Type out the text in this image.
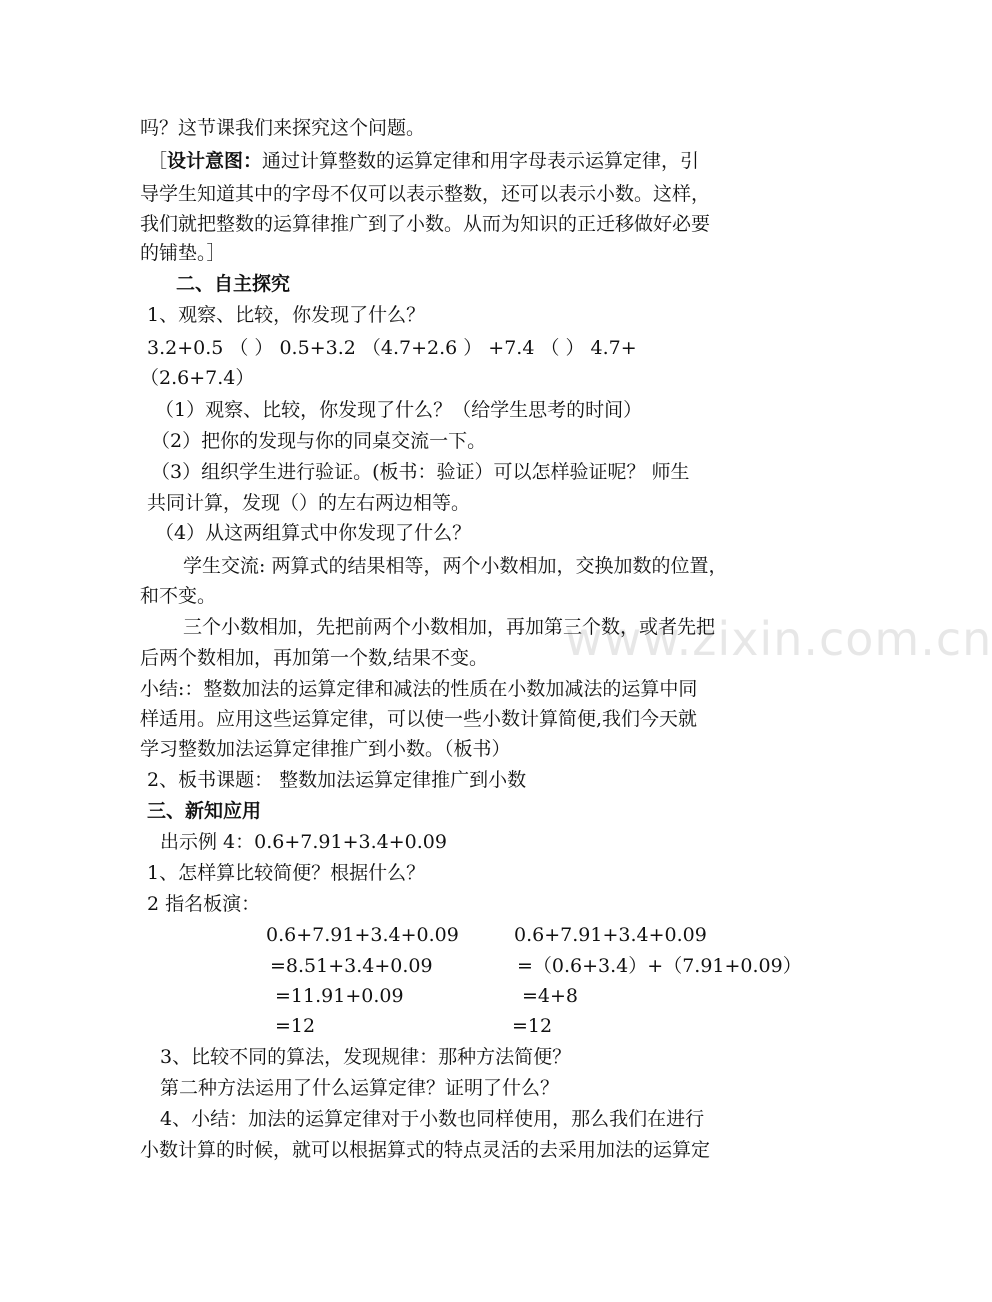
www.zixin.com.cn
吗？这节课我们来探究这个问题。
［设计意图：通过计算整数的运算定律和用字母表示运算定律，引
导学生知道其中的字母不仅可以表示整数，还可以表示小数。这样，
我们就把整数的运算律推广到了小数。从而为知识的正迁移做好必要
的铺垫。］
二、自主探究
1、观察、比较，你发现了什么？
3.2+0.5 （ ） 0.5+3.2 （4.7+2.6 ） +7.4 （ ） 4.7+
（2.6+7.4）
（1）观察、比较，你发现了什么？（给学生思考的时间）
（2）把你的发现与你的同桌交流一下。
（3）组织学生进行验证。(板书：验证）可以怎样验证呢？ 师生
共同计算，发现（）的左右两边相等。
（4）从这两组算式中你发现了什么？
学生交流: 两算式的结果相等，两个小数相加，交换加数的位置，
和不变。
三个小数相加，先把前两个小数相加，再加第三个数，或者先把
后两个数相加，再加第一个数,结果不变。
小结:：整数加法的运算定律和减法的性质在小数加减法的运算中同
样适用。应用这些运算定律，可以使一些小数计算简便,我们今天就
学习整数加法运算定律推广到小数。（板书）
2、板书课题： 整数加法运算定律推广到小数
三、新知应用
出示例 4：0.6+7.91+3.4+0.09
1、怎样算比较简便？根据什么？
2 指名板演：
0.6+7.91+3.4+0.09
=8.51+3.4+0.09
=11.91+0.09
=12
0.6+7.91+3.4+0.09
=（0.6+3.4）+（7.91+0.09）
=4+8
=12
3、比较不同的算法，发现规律：那种方法简便？
第二种方法运用了什么运算定律？证明了什么？
4、小结：加法的运算定律对于小数也同样使用，那么我们在进行
小数计算的时候，就可以根据算式的特点灵活的去采用加法的运算定
